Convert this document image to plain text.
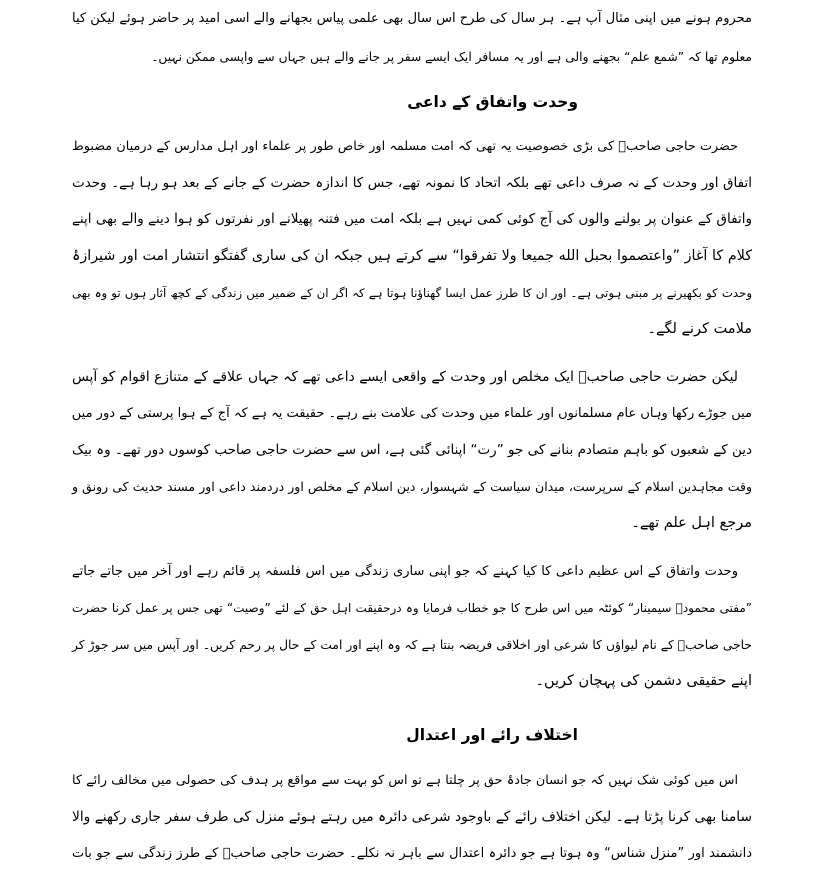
محروم ہونے میں اپنی مثال آپ ہے۔ ہر سال کی طرح اس سال بھی علمی پیاس بجھانے والے اسی امید پر حاضر ہوئے لیکن کیا
معلوم تھا کہ ”شمع علم“ بجھنے والی ہے اور یہ مسافر ایک ایسے سفر پر جانے والے ہیں جہاں سے واپسی ممکن نہیں۔
وحدت واتفاق کے داعی
حضرت حاجی صاحبؒ کی بڑی خصوصیت یہ تھی کہ امت مسلمہ اور خاص طور پر علماء اور اہل مدارس کے درمیان مضبوط
اتفاق اور وحدت کے نہ صرف داعی تھے بلکہ اتحاد کا نمونہ تھے، جس کا اندازہ حضرت کے جانے کے بعد ہو رہا ہے۔ وحدت
واتفاق کے عنوان پر بولنے والوں کی آج کوئی کمی نہیں ہے بلکہ امت میں فتنہ پھیلانے اور نفرتوں کو ہوا دینے والے بھی اپنے
کلام کا آغاز ”واعتصموا بحبل الله جميعا ولا تفرقوا“ سے کرتے ہیں جبکہ ان کی ساری گفتگو انتشار امت اور شیرازۂ
وحدت کو بکھیرنے پر مبنی ہوتی ہے۔ اور ان کا طرز عمل ایسا گھناؤنا ہوتا ہے کہ اگر ان کے ضمیر میں زندگی کے کچھ آثار ہوں تو وہ بھی
ملامت کرنے لگے۔
لیکن حضرت حاجی صاحبؒ ایک مخلص اور وحدت کے واقعی ایسے داعی تھے کہ جہاں علاقے کے متنازع اقوام کو آپس
میں جوڑے رکھا وہاں عام مسلمانوں اور علماء میں وحدت کی علامت بنے رہے۔ حقیقت یہ ہے کہ آج کے ہوا پرستی کے دور میں
دین کے شعبوں کو باہم متصادم بنانے کی جو ”رت“ اپنائی گئی ہے، اس سے حضرت حاجی صاحب کوسوں دور تھے۔ وہ بیک
وقت مجاہدین اسلام کے سرپرست، میدان سیاست کے شہسوار، دین اسلام کے مخلص اور دردمند داعی اور مسند حدیث کی رونق و
مرجع اہل علم تھے۔
وحدت واتفاق کے اس عظیم داعی کا کیا کہنے کہ جو اپنی ساری زندگی میں اس فلسفہ پر قائم رہے اور آخر میں جاتے جاتے
”مفتی محمودؒ سیمینار“ کوئٹہ میں اس طرح کا جو خطاب فرمایا وہ درحقیقت اہل حق کے لئے ”وصیت“ تھی جس پر عمل کرنا حضرت
حاجی صاحبؒ کے نام لیواؤں کا شرعی اور اخلاقی فریضہ بنتا ہے کہ وہ اپنے اور امت کے حال پر رحم کریں۔ اور آپس میں سر جوڑ کر
اپنے حقیقی دشمن کی پہچان کریں۔
اختلاف رائے اور اعتدال
اس میں کوئی شک نہیں کہ جو انسان جادۂ حق پر چلتا ہے تو اس کو بہت سے مواقع پر ہدف کی حصولی میں مخالف رائے کا
سامنا بھی کرنا پڑتا ہے۔ لیکن اختلاف رائے کے باوجود شرعی دائرہ میں رہتے ہوئے منزل کی طرف سفر جاری رکھنے والا
دانشمند اور ”منزل شناس“ وہ ہوتا ہے جو دائرہ اعتدال سے باہر نہ نکلے۔ حضرت حاجی صاحبؒ کے طرز زندگی سے جو بات
